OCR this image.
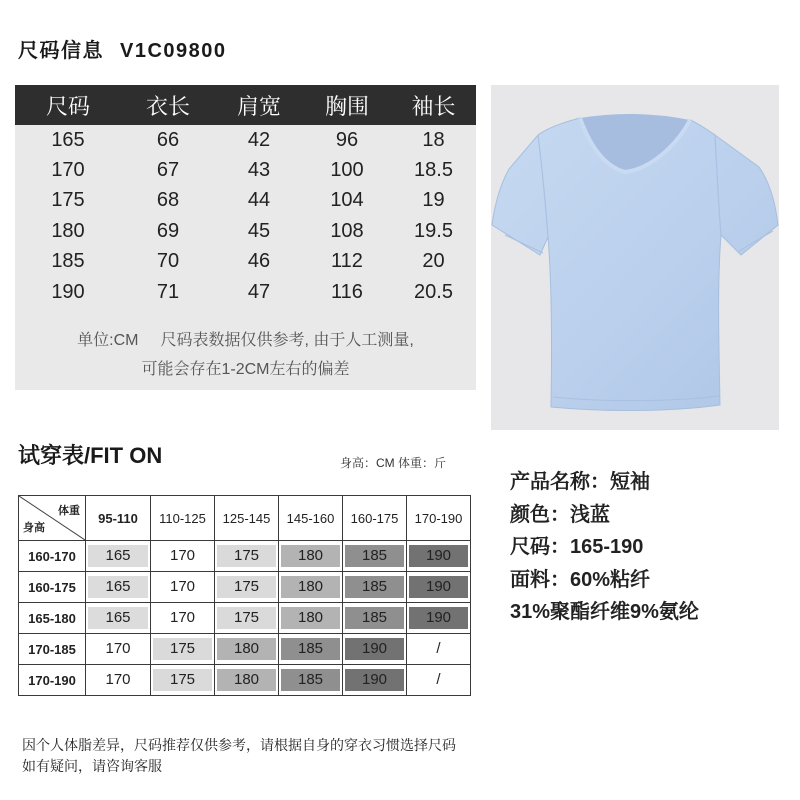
尺码信息 V1C09800
尺码	衣长	肩宽	胸围	袖长
165	66	42	96	18
170	67	43	100	18.5
175	68	44	104	19
180	69	45	108	19.5
185	70	46	112	20
190	71	47	116	20.5
单位:CM 尺码表数据仅供参考, 由于人工测量,
可能会存在1-2CM左右的偏差
试穿表/FIT ON	身高：CM 体重：斤
体重
身高	95-110	110-125	125-145	145-160	160-175	170-190
160-170	165	170	175	180	185	190

160-175	165	170	175	180	185	190

165-180	165	170	175	180	185	190

170-185	170	175	180	185	190	/

170-190	170	175	180	185	190	/
产品名称：短袖
颜色：浅蓝
尺码：165-190
面料：60%粘纤
31%聚酯纤维9%氨纶
因个人体脂差异，尺码推荐仅供参考，请根据自身的穿衣习惯选择尺码
如有疑问，请咨询客服
